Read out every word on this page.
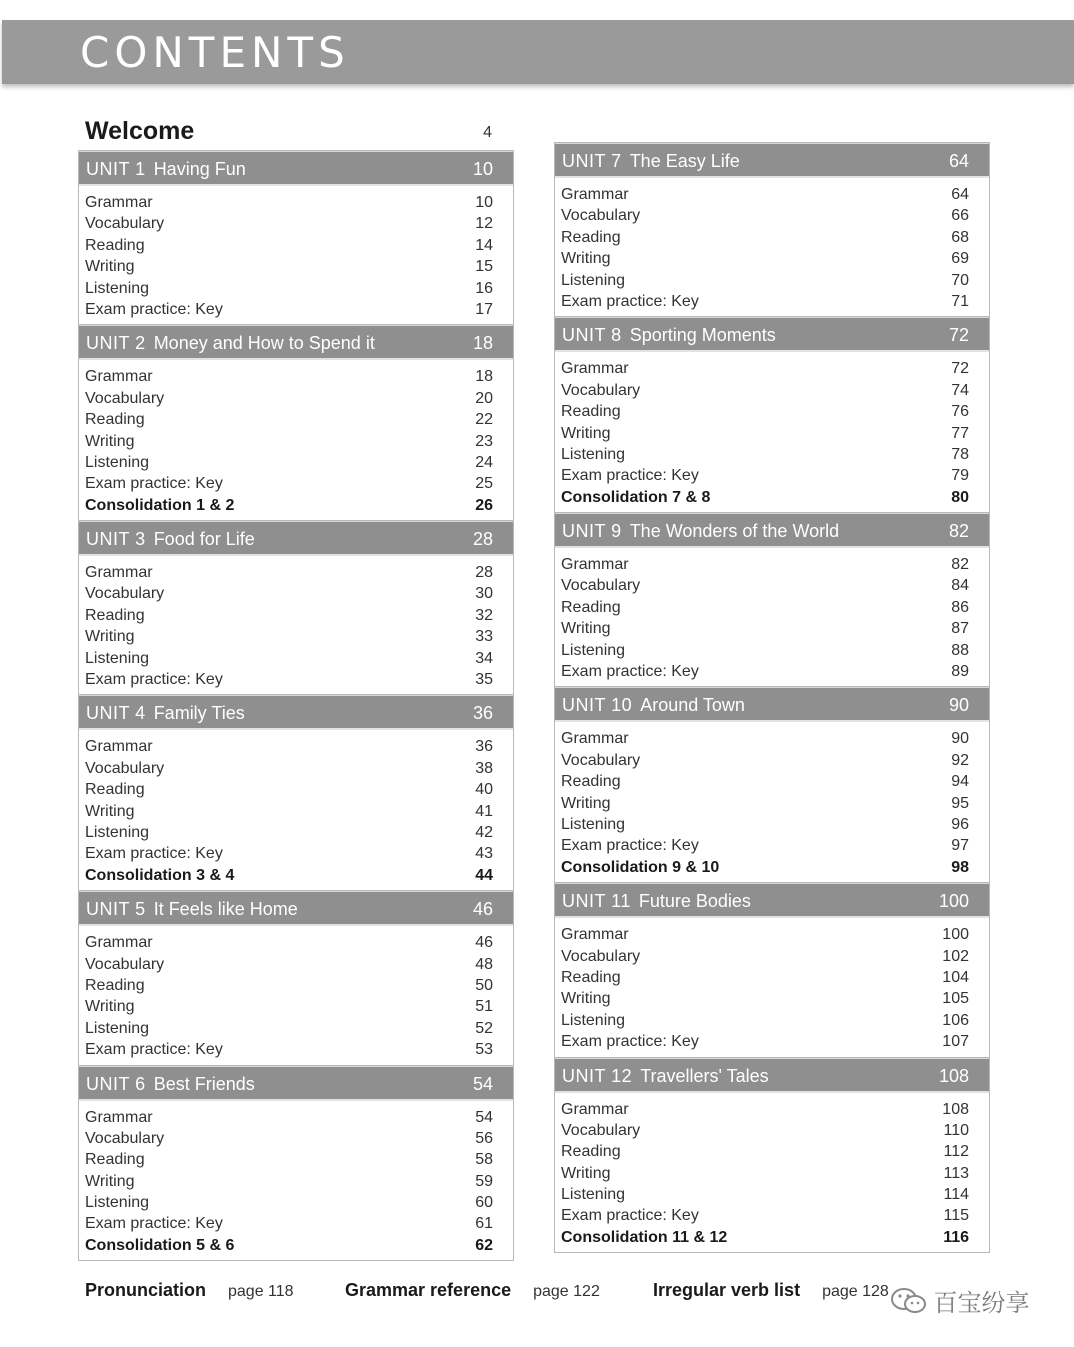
CONTENTS
Welcome	4
UNIT 1 Having Fun	10
Grammar	10
Vocabulary	12
Reading	14
Writing	15
Listening	16
Exam practice: Key	17
UNIT 2 Money and How to Spend it	18
Grammar	18
Vocabulary	20
Reading	22
Writing	23
Listening	24
Exam practice: Key	25
Consolidation 1 & 2	26
UNIT 3 Food for Life	28
Grammar	28
Vocabulary	30
Reading	32
Writing	33
Listening	34
Exam practice: Key	35
UNIT 4 Family Ties	36
Grammar	36
Vocabulary	38
Reading	40
Writing	41
Listening	42
Exam practice: Key	43
Consolidation 3 & 4	44
UNIT 5 It Feels like Home	46
Grammar	46
Vocabulary	48
Reading	50
Writing	51
Listening	52
Exam practice: Key	53
UNIT 6 Best Friends	54
Grammar	54
Vocabulary	56
Reading	58
Writing	59
Listening	60
Exam practice: Key	61
Consolidation 5 & 6	62
UNIT 7 The Easy Life	64
Grammar	64
Vocabulary	66
Reading	68
Writing	69
Listening	70
Exam practice: Key	71
UNIT 8 Sporting Moments	72
Grammar	72
Vocabulary	74
Reading	76
Writing	77
Listening	78
Exam practice: Key	79
Consolidation 7 & 8	80
UNIT 9 The Wonders of the World	82
Grammar	82
Vocabulary	84
Reading	86
Writing	87
Listening	88
Exam practice: Key	89
UNIT 10 Around Town	90
Grammar	90
Vocabulary	92
Reading	94
Writing	95
Listening	96
Exam practice: Key	97
Consolidation 9 & 10	98
UNIT 11 Future Bodies	100
Grammar	100
Vocabulary	102
Reading	104
Writing	105
Listening	106
Exam practice: Key	107
UNIT 12 Travellers' Tales	108
Grammar	108
Vocabulary	110
Reading	112
Writing	113
Listening	114
Exam practice: Key	115
Consolidation 11 & 12	116
Pronunciation page 118	Grammar reference page 122	Irregular verb list page 128	百宝纷享
